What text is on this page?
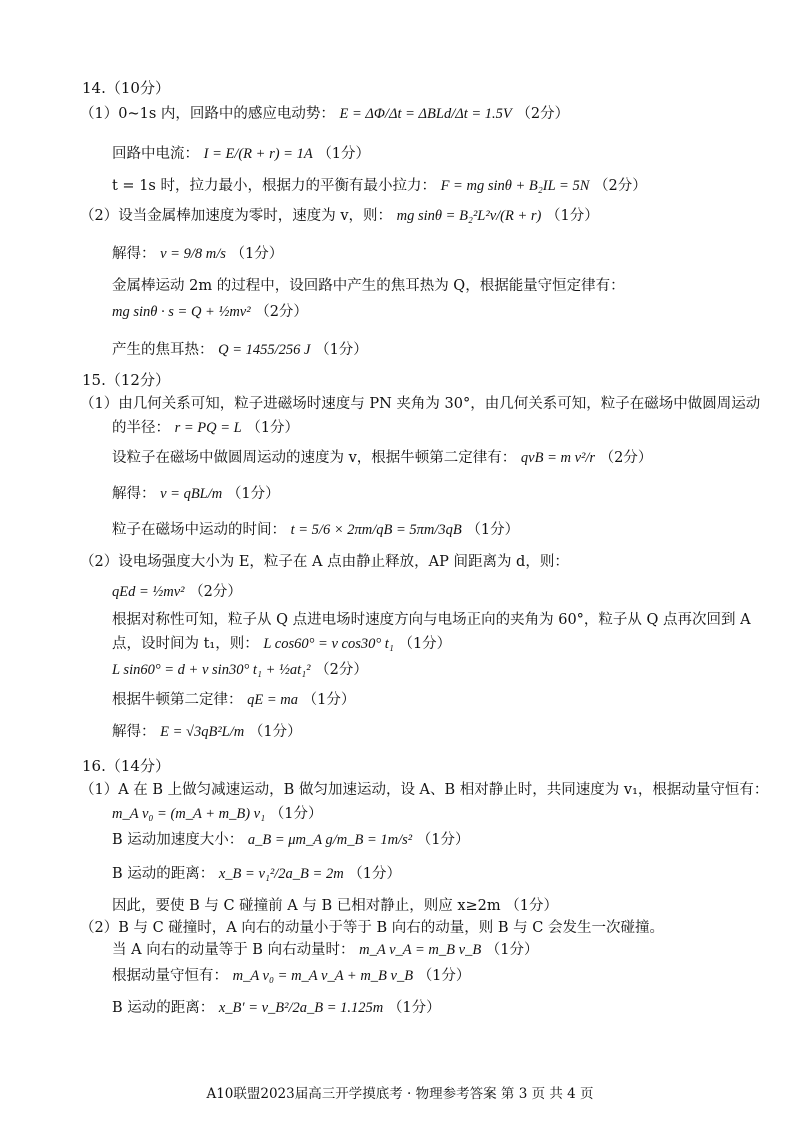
14.（10分）
（1）0~1s 内，回路中的感应电动势： E = ΔΦ/Δt = ΔBLd/Δt = 1.5V （2分）
回路中电流： I = E/(R + r) = 1A （1分）
t = 1s 时，拉力最小，根据力的平衡有最小拉力： F = mg sinθ + B₂IL = 5N （2分）
（2）设当金属棒加速度为零时，速度为 v，则： mg sinθ = B₂²L²v/(R + r) （1分）
解得： v = 9/8 m/s （1分）
金属棒运动 2m 的过程中，设回路中产生的焦耳热为 Q，根据能量守恒定律有：
mg sinθ · s = Q + ½mv² （2分）
产生的焦耳热： Q = 1455/256 J （1分）
15.（12分）
（1）由几何关系可知，粒子进磁场时速度与 PN 夹角为 30°，由几何关系可知，粒子在磁场中做圆周运动
的半径： r = PQ = L （1分）
设粒子在磁场中做圆周运动的速度为 v，根据牛顿第二定律有： qvB = m v²/r （2分）
解得： v = qBL/m （1分）
粒子在磁场中运动的时间： t = 5/6 × 2πm/qB = 5πm/3qB （1分）
（2）设电场强度大小为 E，粒子在 A 点由静止释放，AP 间距离为 d，则：
qEd = ½mv² （2分）
根据对称性可知，粒子从 Q 点进电场时速度方向与电场正向的夹角为 60°，粒子从 Q 点再次回到 A
点，设时间为 t₁，则： L cos60° = v cos30° t₁ （1分）
L sin60° = d + v sin30° t₁ + ½at₁² （2分）
根据牛顿第二定律： qE = ma （1分）
解得： E = √3qB²L/m （1分）
16.（14分）
（1）A 在 B 上做匀减速运动，B 做匀加速运动，设 A、B 相对静止时，共同速度为 v₁，根据动量守恒有：
m_A v₀ = (m_A + m_B) v₁ （1分）
B 运动加速度大小： a_B = μm_A g/m_B = 1m/s² （1分）
B 运动的距离： x_B = v₁²/2a_B = 2m （1分）
因此，要使 B 与 C 碰撞前 A 与 B 已相对静止，则应 x≥2m （1分）
（2）B 与 C 碰撞时，A 向右的动量小于等于 B 向右的动量，则 B 与 C 会发生一次碰撞。
当 A 向右的动量等于 B 向右动量时： m_A v_A = m_B v_B （1分）
根据动量守恒有： m_A v₀ = m_A v_A + m_B v_B （1分）
B 运动的距离： x_B′ = v_B²/2a_B = 1.125m （1分）
A10联盟2023届高三开学摸底考 · 物理参考答案 第 3 页 共 4 页
